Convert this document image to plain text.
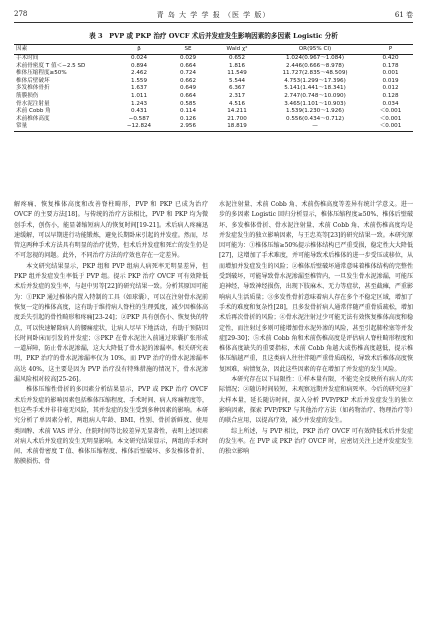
278	青 岛 大 学 学 报 （医 学 版）	61 卷
表 3　PVP 或 PKP 治疗 OVCF 术后并发症发生影响因素的多因素 Logistic 分析
因素	β	SE	Wald χ²	OR(95% CI)	P
手术时间	0.024	0.029	0.652	1.024(0.967～1.084)	0.420
术前骨密度 T 值＜−2.5 SD	0.894	0.664	1.816	2.446(0.666～8.978)	0.178
椎体压缩程度≥50%	2.462	0.724	11.549	11.727(2.835～48.509)	0.001
椎体后壁破坏	1.559	0.662	5.544	4.753(1.299～17.396)	0.019
多发椎体骨折	1.637	0.649	6.367	5.141(1.441～18.341)	0.012
筋膜损伤	1.011	0.664	2.317	2.747(0.748～10.090)	0.128
骨水泥注射量	1.243	0.585	4.516	3.465(1.101～10.903)	0.034
术前 Cobb 角	0.431	0.114	14.211	1.539(1.230～1.926)	＜0.001
术前椎体高度	−0.587	0.126	21.700	0.556(0.434～0.712)	＜0.001
常量	−12.824	2.956	18.819	—	＜0.001

解疼痛、恢复椎体高度和改善脊柱畸形，PVP 和 PKP 已成为治疗 OVCF 的主要方法[18]。与传统的治疗方法相比，PVP 和 PKP 均为微创手术，创伤小，能显著缩短病人的恢复时间[19-21]。术后病人疼痛迅速缓解，可以早期进行功能锻炼，避免长期卧床引起的并发症。然而，尽管这两种手术方法具有明显的治疗优势，但术后并发症和死亡的发生仍是不可忽视的问题。此外，不同治疗方法的疗效也存在一定差异。

本文研究结果显示，PKP 组和 PVP 组病人病死率无明显差异，但 PKP 组并发症发生率低于 PVP 组。提示 PKP 治疗 OVCF 可有效降低术后并发症的发生率，与赵中男等[22]的研究结果一致。分析其原因可能为：①PKP 通过椎体内置入特制的工具（如球囊），可以在注射骨水泥前恢复一定的椎体高度，这有助于维持病人脊柱的生理弧度，减少因椎体高度丢失引起的骨性畸形和疼痛[23-24]；②PKP 具有创伤小、恢复快的特点，可以快速解除病人的腰痛症状，让病人尽早下地活动，有助于预防因长时间卧床而引发的并发症；③PKP 在骨水泥注入前通过球囊扩张形成一道屏障，防止骨水泥渗漏，这大大降低了骨水泥的渗漏率。相关研究表明，PKP 治疗的骨水泥渗漏率仅为 10%，而 PVP 治疗的骨水泥渗漏率高达 40%，这主要是因为 PVP 治疗没有特殊措施的情况下，骨水泥渗漏风险相对较高[25-26]。

椎体压缩性骨折的多因素分析结果显示，PVP 或 PKP 治疗 OVCF 术后并发症的影响因素包括椎体压缩程度、手术时间、病人疼痛程度等，但这些手术并非非毫无风险，其并发症的发生受到多种因素的影响。本研究分析了单因素分析，两组病人年龄、BMI、性别、骨折新鲜度、使用类固醇、术前 VAS 评分、住院时间等比较差异无显著性，表明上述因素对病人术后并发症的发生无明显影响。本文研究结果显示，两组的手术时间、术前骨密度 T 值、椎体压缩程度、椎体后壁破坏、多发椎体骨折、筋膜损伤、骨

水泥注射量、术前 Cobb 角、术前伤椎高度等差异有统计学意义。进一步的多因素 Logistic 回归分析显示，椎体压缩程度≥50%、椎体后壁破坏、多发椎体骨折、骨水泥注射量、术前 Cobb 角、术前伤椎高度均是并发症发生的独立影响因素，与王忠英等[23]的研究结果一致。本研究原因可能为：①椎体压缩≥50%提示椎体结构已严重受损，稳定性大大降低[27]，这增加了手术难度，并可能导致术后椎体的进一步受压或移位，从而增加并发症发生的风险；②椎体后壁破坏通常意味着椎体结构的完整性受到破坏，可能导致骨水泥渗漏至椎管内，一旦发生骨水泥渗漏，可能压迫神经，导致神经损伤，出现下肢麻木、无力等症状，甚至截瘫，严重影响病人生活质量；③多发性骨折意味着病人存在多个不稳定区域，增加了手术的难度和复杂性[28]，且多发骨折病人通常伴随严重骨质疏松，增加术后再次骨折的风险；④骨水泥注射过少可能无法有效恢复椎体高度和稳定性，而注射过多则可能增加骨水泥外渗的风险，甚至引起肺栓塞等并发症[29-30]；⑤术前 Cobb 角和术前伤椎高度是评估病人脊柱畸形程度和椎体高度缺失的重要指标，术前 Cobb 角越大或伤椎高度越低，提示椎体压缩越严重，且这类病人往往伴随严重骨质疏松，导致术后椎体高度恢复困难，病情复杂，因此这些因素的存在增加了并发症的发生风险。

本研究存在以下局限性：①样本量有限，不能完全反映所有病人的实际情况；②随访时间较短，未观察远期并发症和病死率。今后的研究应扩大样本量，延长随访时间，深入分析 PVP/PKP 术后并发症发生的独立影响因素，探索 PVP/PKP 与其他治疗方法（如药物治疗、物理治疗等）的联合应用，以提高疗效，减少并发症的发生。

综上所述，与 PVP 相比，PKP 治疗 OVCF 可有效降低术后并发症的发生率。在 PVP 或 PKP 治疗 OVCF 时，应密切关注上述并发症发生的独立影响
